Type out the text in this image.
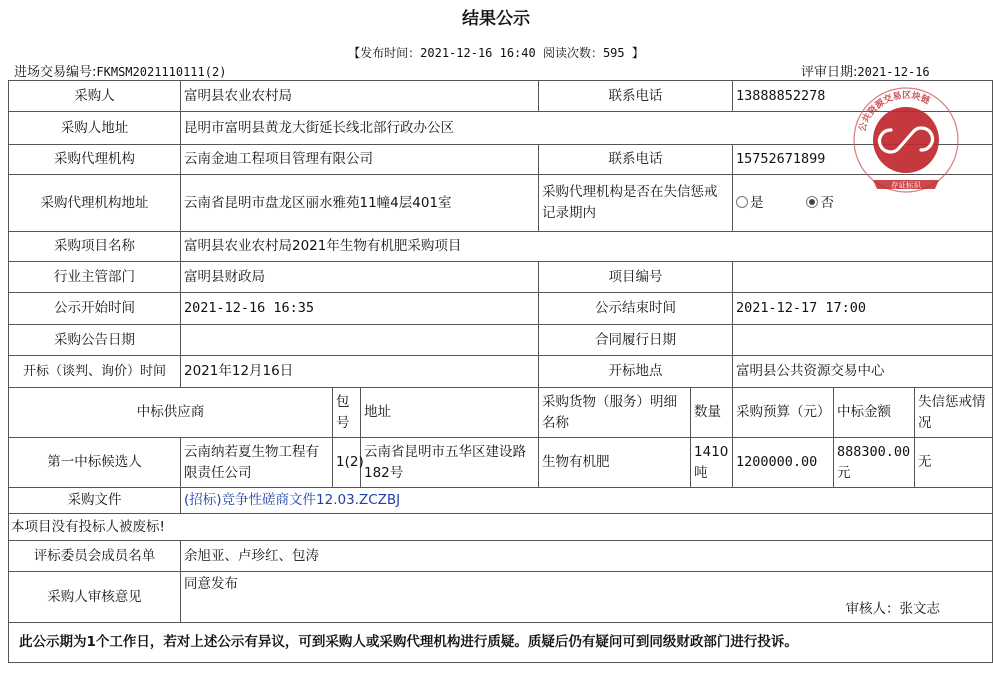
结果公示
【发布时间：2021-12-16 16:40 阅读次数：595 】
进场交易编号:FKMSM2021110111(2)	评审日期:2021-12-16
采购人	富明县农业农村局			联系电话		13888852278		
采购人地址	昆明市富明县黄龙大街延长线北部行政办公区							
采购代理机构	云南金迪工程项目管理有限公司			联系电话		15752671899		
采购代理机构地址	云南省昆明市盘龙区丽水雅苑11幢4层401室			采购代理机构是否在失信惩戒记录期内		是 否		
采购项目名称	富明县农业农村局2021年生物有机肥采购项目							
行业主管部门	富明县财政局			项目编号				
公示开始时间	2021-12-16 16:35			公示结束时间		2021-12-17 17:00		
采购公告日期				合同履行日期				
开标（谈判、询价）时间	2021年12月16日			开标地点		富明县公共资源交易中心		
中标供应商		包号	地址	采购货物（服务）明细名称	数量	采购预算（元）	中标金额	失信惩戒情况
第一中标候选人	云南纳若夏生物工程有限责任公司	1(2)	云南省昆明市五华区建设路182号	生物有机肥	1410吨	1200000.00	888300.00元	无
采购文件	(招标)竞争性磋商文件12.03.ZCZBJ							
本项目没有投标人被废标!								
评标委员会成员名单	余旭亚、卢珍红、包涛							
采购人审核意见	同意发布
审核人：张文志							

此公示期为1个工作日，若对上述公示有异议，可到采购人或采购代理机构进行质疑。质疑后仍有疑问可到同级财政部门进行投诉。								
公共资源交易区块链
存证标识
